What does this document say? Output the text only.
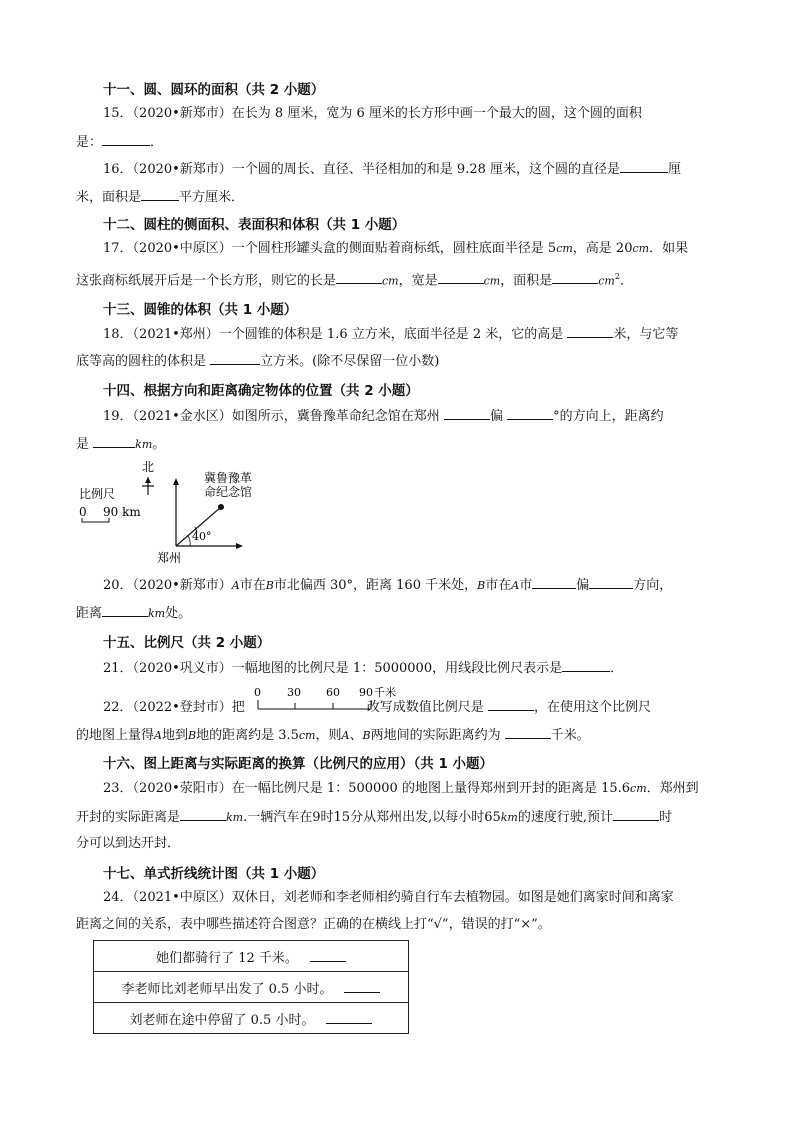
十一、圆、圆环的面积（共 2 小题）
15．（2020•新郑市）在长为 8 厘米，宽为 6 厘米的长方形中画一个最大的圆，这个圆的面积
是：	．
16．（2020•新郑市）一个圆的周长、直径、半径相加的和是 9.28 厘米，这个圆的直径是	厘
米，面积是	平方厘米．
十二、圆柱的侧面积、表面积和体积（共 1 小题）
17．（2020•中原区）一个圆柱形罐头盒的侧面贴着商标纸，圆柱底面半径是 5cm，高是 20cm．如果
这张商标纸展开后是一个长方形，则它的长是	cm，宽是	cm，面积是	$cm^2$．
十三、圆锥的体积（共 1 小题）
18．（2021•郑州）一个圆锥的体积是 1.6 立方米，底面半径是 2 米，它的高是	米，与它等
底等高的圆柱的体积是	立方米。(除不尽保留一位小数)
十四、根据方向和距离确定物体的位置（共 2 小题）
19．（2021•金水区）如图所示，冀鲁豫革命纪念馆在郑州	偏	°的方向上，距离约
是	km。
北
比例尺
0 90 km
冀鲁豫革
命纪念馆
40°
郑州
20．（2020•新郑市）A市在B市北偏西 30°，距离 160 千米处，B市在A市	偏	方向，
距离	km处。
十五、比例尺（共 2 小题）
21．（2020•巩义市）一幅地图的比例尺是 1：5000000，用线段比例尺表示是	．
22．（2022•登封市）把	改写成数值比例尺是	，在使用这个比例尺
0 30 60 90 千米
的地图上量得A地到B地的距离约是 3.5cm，则A、B两地间的实际距离约为	千米。
十六、图上距离与实际距离的换算（比例尺的应用）（共 1 小题）
23．（2020•荥阳市）在一幅比例尺是 1：500000 的地图上量得郑州到开封的距离是 15.6cm．郑州到
开封的实际距离是	km.一辆汽车在9时15分从郑州出发,以每小时65km的速度行驶,预计	时
分可以到达开封．
十七、单式折线统计图（共 1 小题）
24．（2021•中原区）双休日，刘老师和李老师相约骑自行车去植物园。如图是她们离家时间和离家
距离之间的关系，表中哪些描述符合图意？正确的在横线上打“√”，错误的打“×”。
她们都骑行了 12 千米。
李老师比刘老师早出发了 0.5 小时。
刘老师在途中停留了 0.5 小时。
